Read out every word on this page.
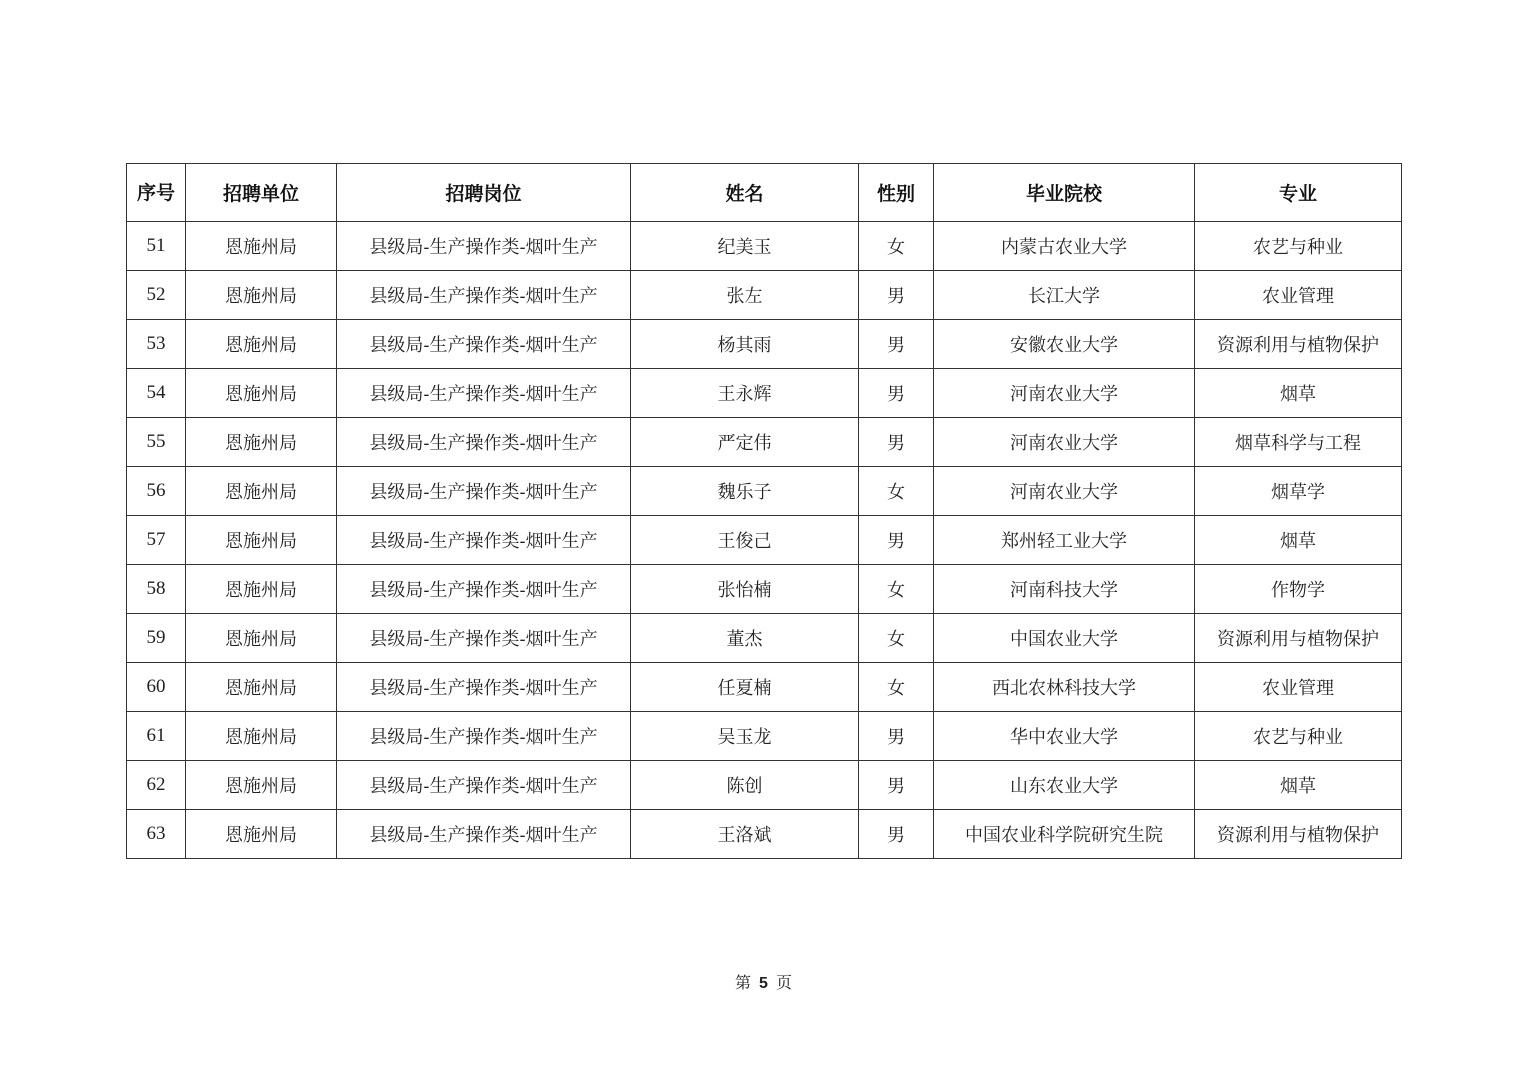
序号	招聘单位	招聘岗位	姓名	性别	毕业院校	专业
51	恩施州局	县级局-生产操作类-烟叶生产	纪美玉	女	内蒙古农业大学	农艺与种业
52	恩施州局	县级局-生产操作类-烟叶生产	张左	男	长江大学	农业管理
53	恩施州局	县级局-生产操作类-烟叶生产	杨其雨	男	安徽农业大学	资源利用与植物保护
54	恩施州局	县级局-生产操作类-烟叶生产	王永辉	男	河南农业大学	烟草
55	恩施州局	县级局-生产操作类-烟叶生产	严定伟	男	河南农业大学	烟草科学与工程
56	恩施州局	县级局-生产操作类-烟叶生产	魏乐子	女	河南农业大学	烟草学
57	恩施州局	县级局-生产操作类-烟叶生产	王俊己	男	郑州轻工业大学	烟草
58	恩施州局	县级局-生产操作类-烟叶生产	张怡楠	女	河南科技大学	作物学
59	恩施州局	县级局-生产操作类-烟叶生产	董杰	女	中国农业大学	资源利用与植物保护
60	恩施州局	县级局-生产操作类-烟叶生产	任夏楠	女	西北农林科技大学	农业管理
61	恩施州局	县级局-生产操作类-烟叶生产	吴玉龙	男	华中农业大学	农艺与种业
62	恩施州局	县级局-生产操作类-烟叶生产	陈创	男	山东农业大学	烟草
63	恩施州局	县级局-生产操作类-烟叶生产	王洛斌	男	中国农业科学院研究生院	资源利用与植物保护
第 5 页
